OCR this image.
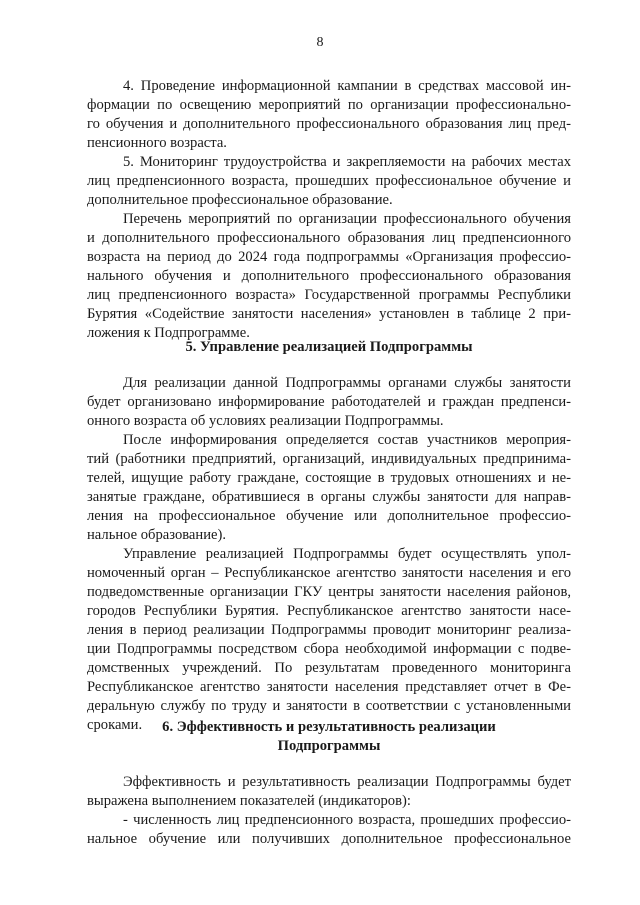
8
4. Проведение информационной кампании в средствах массовой ин-
формации по освещению мероприятий по организации профессионально-
го обучения и дополнительного профессионального образования лиц пред-
пенсионного возраста.
5. Мониторинг трудоустройства и закрепляемости на рабочих местах
лиц предпенсионного возраста, прошедших профессиональное обучение и
дополнительное профессиональное образование.
Перечень мероприятий по организации профессионального обучения
и дополнительного профессионального образования лиц предпенсионного
возраста на период до 2024 года подпрограммы «Организация профессио-
нального обучения и дополнительного профессионального образования
лиц предпенсионного возраста» Государственной программы Республики
Бурятия «Содействие занятости населения» установлен в таблице 2 при-
ложения к Подпрограмме.
5. Управление реализацией Подпрограммы
Для реализации данной Подпрограммы органами службы занятости
будет организовано информирование работодателей и граждан предпенси-
онного возраста об условиях реализации Подпрограммы.
После информирования определяется состав участников мероприя-
тий (работники предприятий, организаций, индивидуальных предпринима-
телей, ищущие работу граждане, состоящие в трудовых отношениях и не-
занятые граждане, обратившиеся в органы службы занятости для направ-
ления на профессиональное обучение или дополнительное профессио-
нальное образование).
Управление реализацией Подпрограммы будет осуществлять упол-
номоченный орган – Республиканское агентство занятости населения и его
подведомственные организации ГКУ центры занятости населения районов,
городов Республики Бурятия. Республиканское агентство занятости насе-
ления в период реализации Подпрограммы проводит мониторинг реализа-
ции Подпрограммы посредством сбора необходимой информации с подве-
домственных учреждений. По результатам проведенного мониторинга
Республиканское агентство занятости населения представляет отчет в Фе-
деральную службу по труду и занятости в соответствии с установленными
сроками.	6. Эффективность и результативность реализации
Подпрограммы
Эффективность и результативность реализации Подпрограммы будет
выражена выполнением показателей (индикаторов):
- численность лиц предпенсионного возраста, прошедших профессио-
нальное обучение или получивших дополнительное профессиональное
